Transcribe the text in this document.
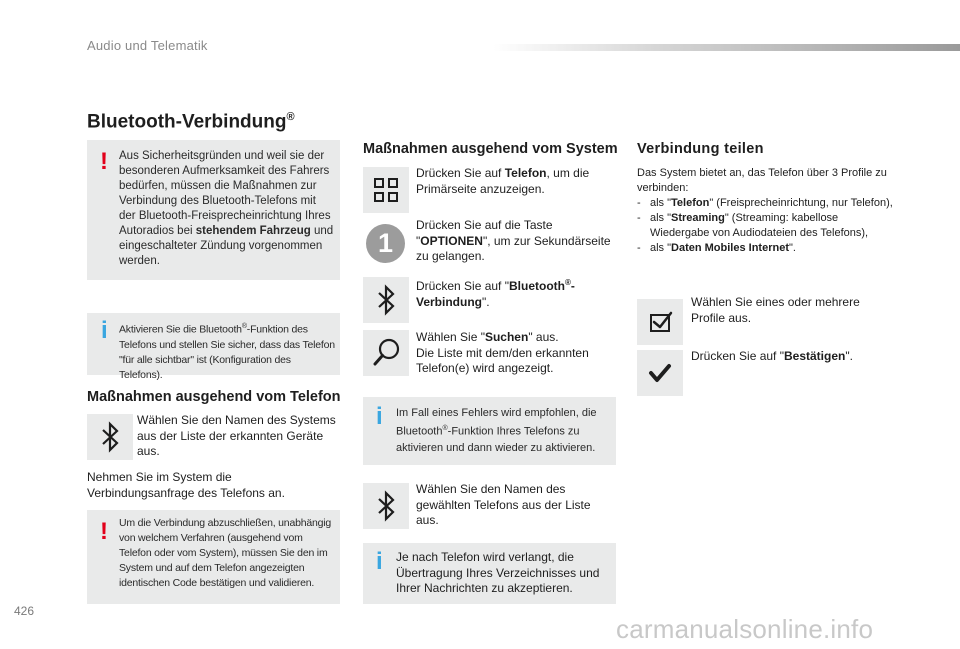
Audio und Telematik
Bluetooth-Verbindung®
! Aus Sicherheitsgründen und weil sie der besonderen Aufmerksamkeit des Fahrers bedürfen, müssen die Maßnahmen zur Verbindung des Bluetooth-Telefons mit der Bluetooth-Freisprecheinrichtung Ihres Autoradios bei stehendem Fahrzeug und eingeschalteter Zündung vorgenommen werden.
i Aktivieren Sie die Bluetooth®-Funktion des Telefons und stellen Sie sicher, dass das Telefon "für alle sichtbar" ist (Konfiguration des Telefons).
Maßnahmen ausgehend vom Telefon
Wählen Sie den Namen des Systems aus der Liste der erkannten Geräte aus.
Nehmen Sie im System die Verbindungsanfrage des Telefons an.
! Um die Verbindung abzuschließen, unabhängig von welchem Verfahren (ausgehend vom Telefon oder vom System), müssen Sie den im System und auf dem Telefon angezeigten identischen Code bestätigen und validieren.
Maßnahmen ausgehend vom System
1
Drücken Sie auf Telefon, um die Primärseite anzuzeigen.
Drücken Sie auf die Taste "OPTIONEN", um zur Sekundärseite zu gelangen.
Drücken Sie auf "Bluetooth®-Verbindung".
Wählen Sie "Suchen" aus.
Die Liste mit dem/den erkannten Telefon(e) wird angezeigt.
i Im Fall eines Fehlers wird empfohlen, die Bluetooth®-Funktion Ihres Telefons zu aktivieren und dann wieder zu aktivieren.
Wählen Sie den Namen des gewählten Telefons aus der Liste aus.
i Je nach Telefon wird verlangt, die Übertragung Ihres Verzeichnisses und Ihrer Nachrichten zu akzeptieren.
Verbindung teilen
Das System bietet an, das Telefon über 3 Profile zu verbinden:
- als "Telefon" (Freisprecheinrichtung, nur Telefon),
- als "Streaming" (Streaming: kabellose Wiedergabe von Audiodateien des Telefons),
- als "Daten Mobiles Internet".
Wählen Sie eines oder mehrere Profile aus.
Drücken Sie auf "Bestätigen".
426
carmanualsonline.info
